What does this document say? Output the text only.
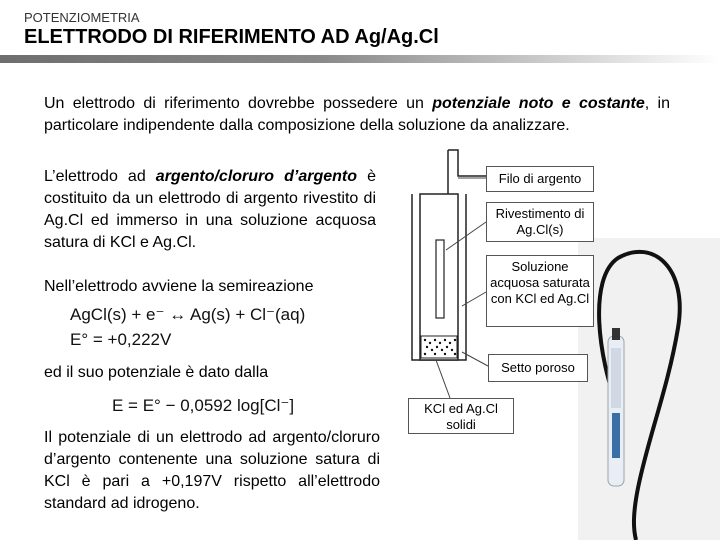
POTENZIOMETRIA
ELETTRODO DI RIFERIMENTO AD Ag/Ag.Cl
Un elettrodo di riferimento dovrebbe possedere un potenziale noto e costante, in particolare indipendente dalla composizione della soluzione da analizzare.
L’elettrodo ad argento/cloruro d’argento è costituito da un elettrodo di argento rivestito di Ag.Cl ed immerso in una soluzione acquosa satura di KCl e Ag.Cl.
Nell’elettrodo avviene la semireazione
AgCl(s) + e⁻ ↔ Ag(s) + Cl⁻(aq)
E° = +0,222V
ed il suo potenziale è dato dalla
E = E° − 0,0592 log[Cl⁻]
Il potenziale di un elettrodo ad argento/cloruro d’argento contenente una soluzione satura di KCl è pari a +0,197V rispetto all’elettrodo standard ad idrogeno.
Filo di argento
Rivestimento di Ag.Cl(s)
Soluzione acquosa saturata con KCl ed Ag.Cl
Setto poroso
KCl ed Ag.Cl solidi
